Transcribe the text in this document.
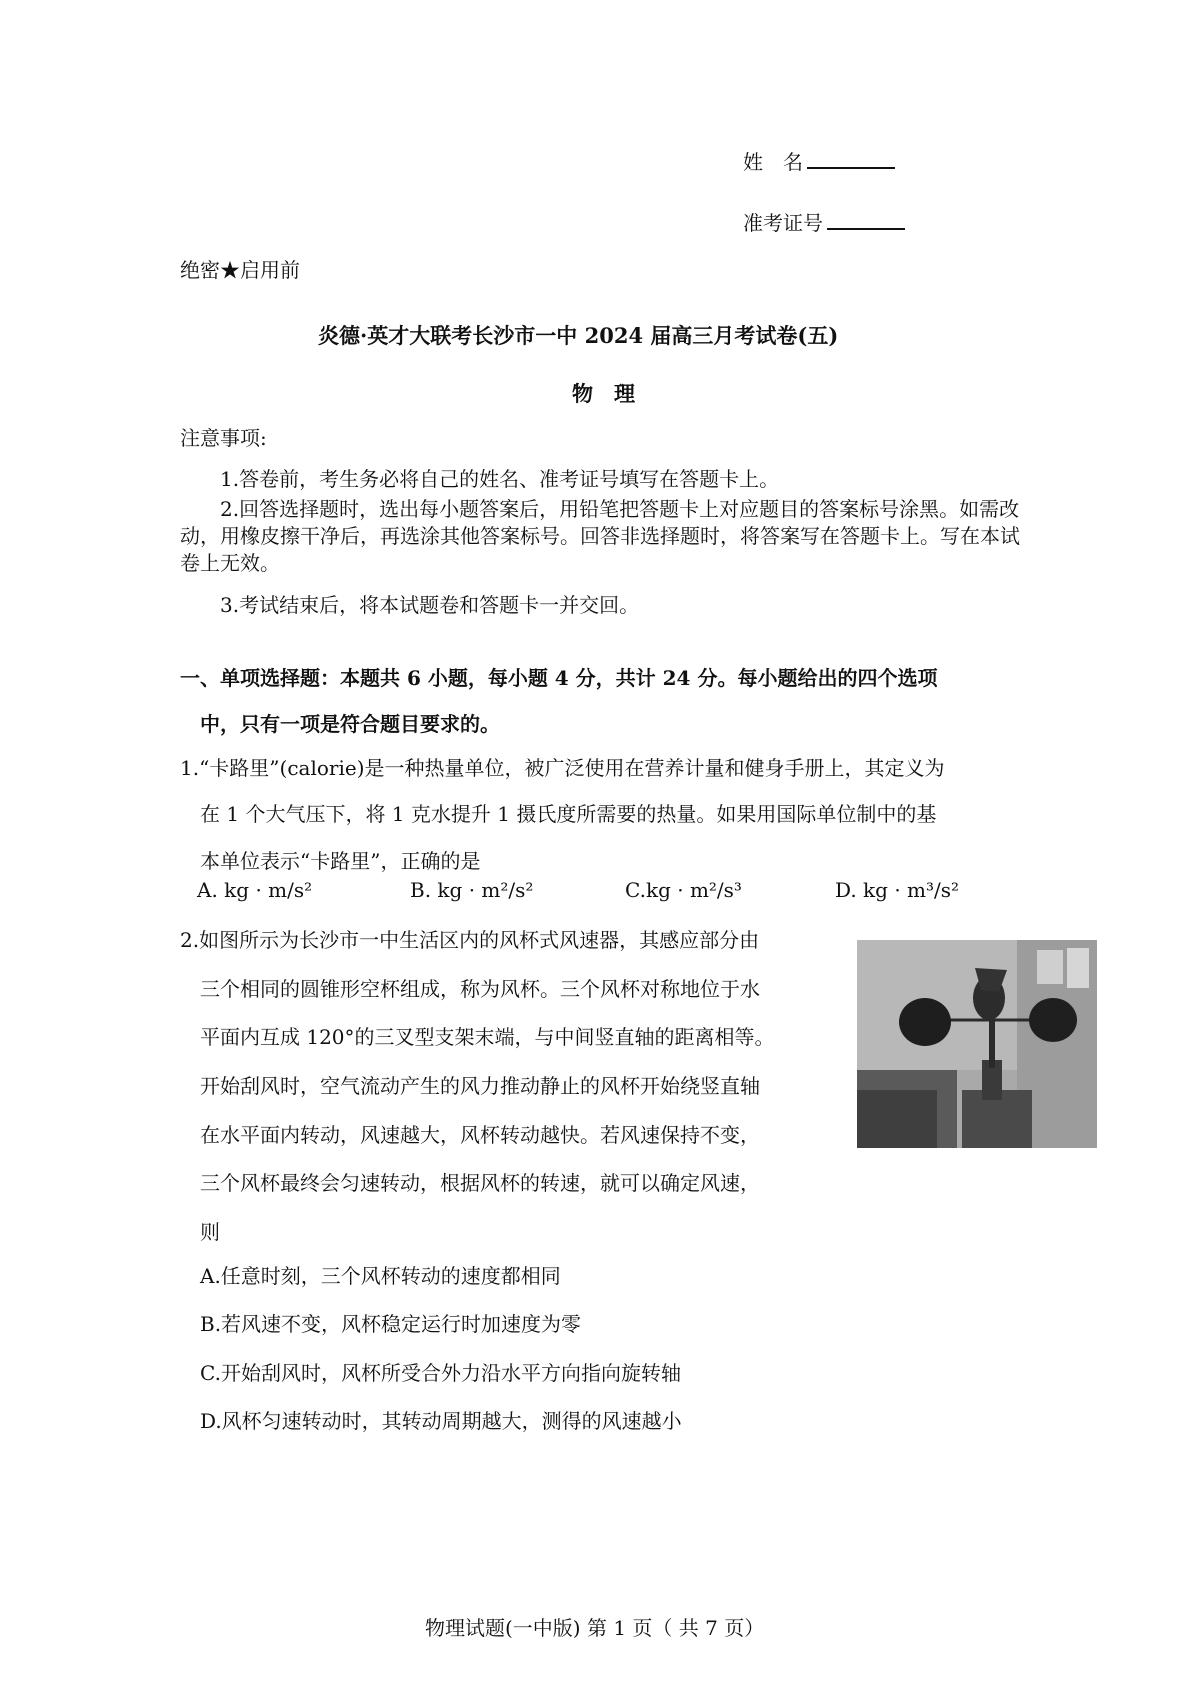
姓　名
准考证号
绝密★启用前
炎德·英才大联考长沙市一中 2024 届高三月考试卷(五)
物　理
注意事项:
1.答卷前，考生务必将自己的姓名、准考证号填写在答题卡上。
2.回答选择题时，选出每小题答案后，用铅笔把答题卡上对应题目的答案标号涂黑。如需改动，用橡皮擦干净后，再选涂其他答案标号。回答非选择题时，将答案写在答题卡上。写在本试卷上无效。
3.考试结束后，将本试题卷和答题卡一并交回。
一、单项选择题：本题共 6 小题，每小题 4 分，共计 24 分。每小题给出的四个选项
中，只有一项是符合题目要求的。
1.“卡路里”(calorie)是一种热量单位，被广泛使用在营养计量和健身手册上，其定义为
在 1 个大气压下，将 1 克水提升 1 摄氏度所需要的热量。如果用国际单位制中的基
本单位表示“卡路里”，正确的是
A. kg · m/s²	B. kg · m²/s²	C.kg · m²/s³	D. kg · m³/s²
2.如图所示为长沙市一中生活区内的风杯式风速器，其感应部分由
三个相同的圆锥形空杯组成，称为风杯。三个风杯对称地位于水
平面内互成 120°的三叉型支架末端，与中间竖直轴的距离相等。
开始刮风时，空气流动产生的风力推动静止的风杯开始绕竖直轴
在水平面内转动，风速越大，风杯转动越快。若风速保持不变，
三个风杯最终会匀速转动，根据风杯的转速，就可以确定风速，
则
A.任意时刻，三个风杯转动的速度都相同
B.若风速不变，风杯稳定运行时加速度为零
C.开始刮风时，风杯所受合外力沿水平方向指向旋转轴
D.风杯匀速转动时，其转动周期越大，测得的风速越小
物理试题(一中版) 第 1 页（ 共 7 页）
